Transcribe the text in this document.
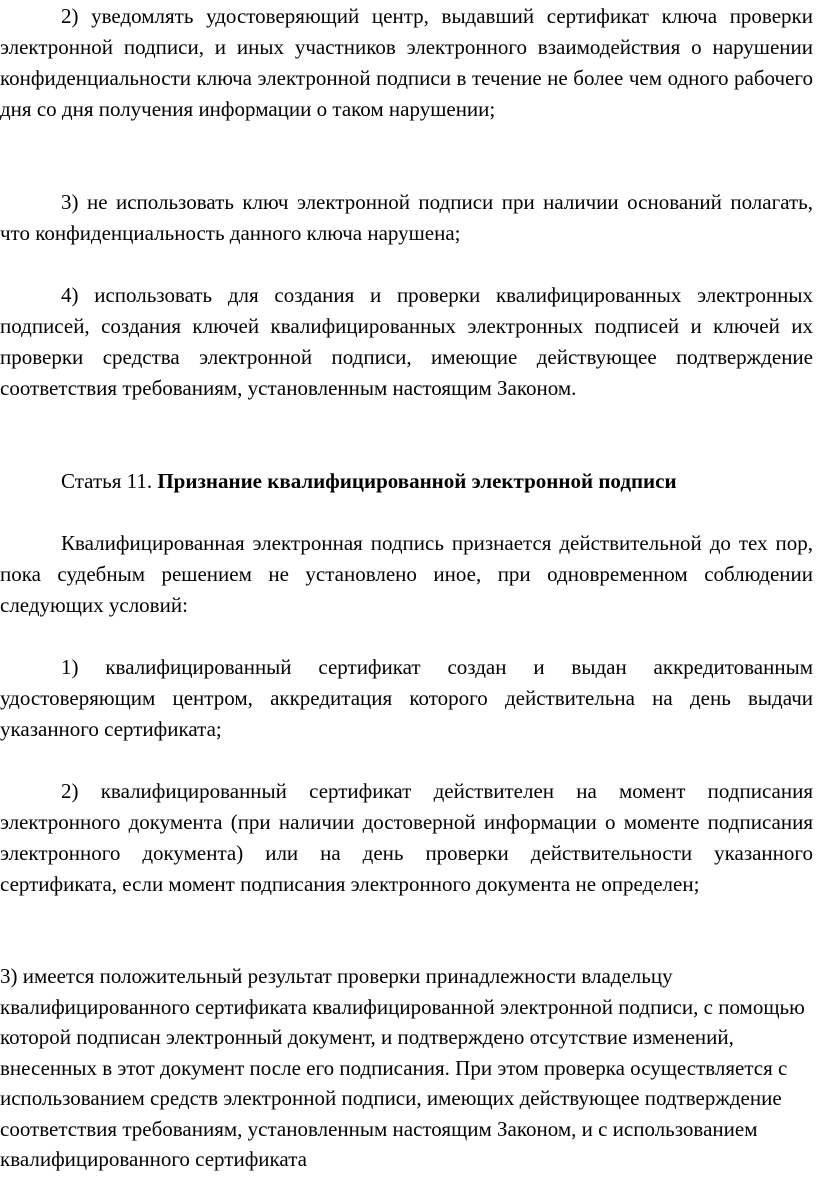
2) уведомлять удостоверяющий центр, выдавший сертификат ключа проверки электронной подписи, и иных участников электронного взаимодействия о нарушении конфиденциальности ключа электронной подписи в течение не более чем одного рабочего дня со дня получения информации о таком нарушении;

3) не использовать ключ электронной подписи при наличии оснований полагать, что конфиденциальность данного ключа нарушена;

4) использовать для создания и проверки квалифицированных электронных подписей, создания ключей квалифицированных электронных подписей и ключей их проверки средства электронной подписи, имеющие действующее подтверждение соответствия требованиям, установленным настоящим Законом.

Статья 11. Признание квалифицированной электронной подписи

Квалифицированная электронная подпись признается действительной до тех пор, пока судебным решением не установлено иное, при одновременном соблюдении следующих условий:

1) квалифицированный сертификат создан и выдан аккредитованным удостоверяющим центром, аккредитация которого действительна на день выдачи указанного сертификата;

2) квалифицированный сертификат действителен на момент подписания электронного документа (при наличии достоверной информации о моменте подписания электронного документа) или на день проверки действительности указанного сертификата, если момент подписания электронного документа не определен;

3) имеется положительный результат проверки принадлежности владельцу квалифицированного сертификата квалифицированной электронной подписи, с помощью которой подписан электронный документ, и подтверждено отсутствие изменений, внесенных в этот документ после его подписания. При этом проверка осуществляется с использованием средств электронной подписи, имеющих действующее подтверждение соответствия требованиям, установленным настоящим Законом, и с использованием квалифицированного сертификата
